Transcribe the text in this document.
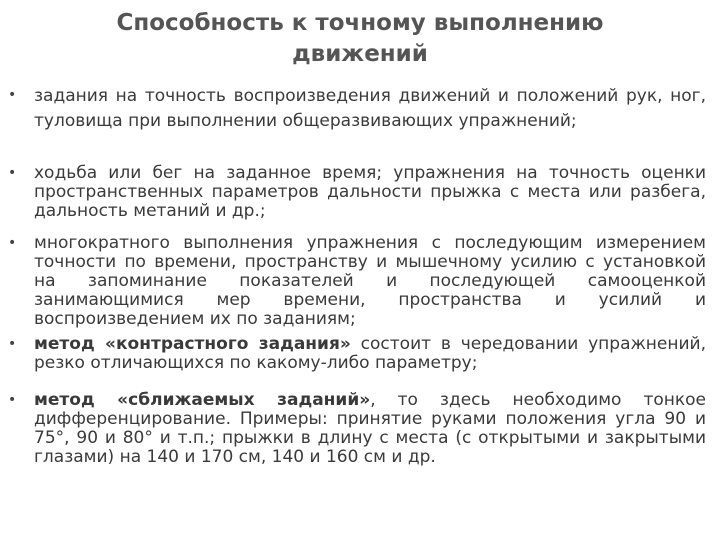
Способность к точному выполнению движений
• задания на точность воспроизведения движений и положений рук, ног, туловища при выполнении общеразвивающих упражнений;
• ходьба или бег на заданное время; упражнения на точность оценки пространственных параметров дальности прыжка с места или разбега, дальность метаний и др.;
• многократного выполнения упражнения с последующим измерением точности по времени, пространству и мышечному усилию с установкой на запоминание показателей и последующей самооценкой занимающимися мер времени, пространства и усилий и воспроизведением их по заданиям;
• метод «контрастного задания» состоит в чередовании упражнений, резко отличающихся по какому-либо параметру;
• метод «сближаемых заданий», то здесь необходимо тонкое дифференцирование. Примеры: принятие руками положения угла 90 и 75°, 90 и 80° и т.п.; прыжки в длину с места (с открытыми и закрытыми глазами) на 140 и 170 см, 140 и 160 см и др.
